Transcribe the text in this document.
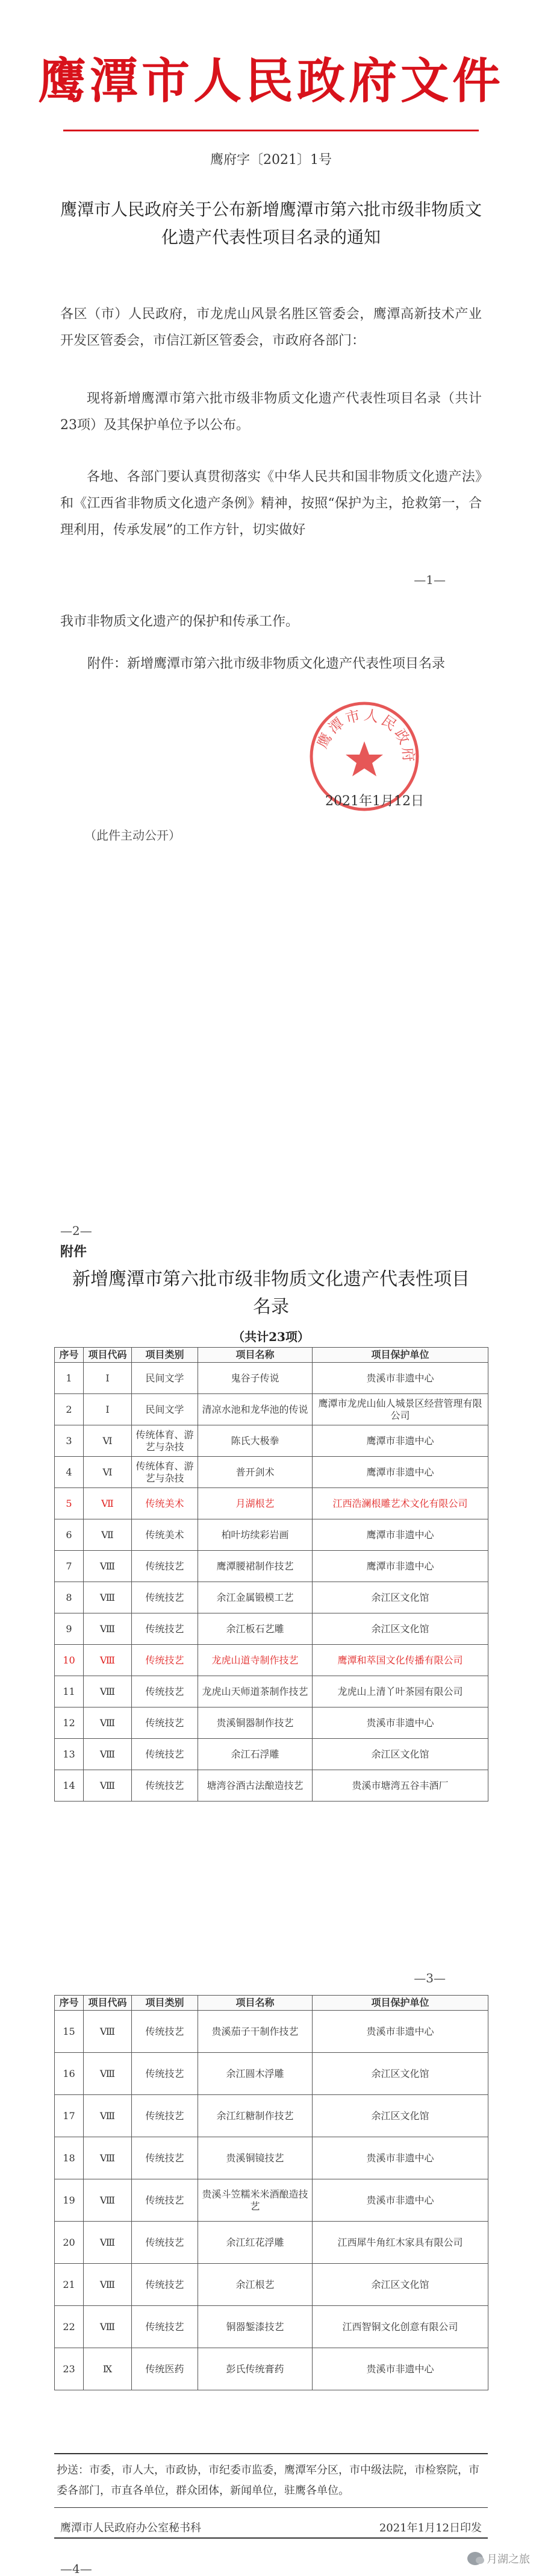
鹰潭市人民政府文件
鹰府字〔2021〕1号
鹰潭市人民政府关于公布新增鹰潭市第六批市级非物质文化遗产代表性项目名录的通知
各区（市）人民政府，市龙虎山风景名胜区管委会，鹰潭高新技术产业开发区管委会，市信江新区管委会，市政府各部门：
现将新增鹰潭市第六批市级非物质文化遗产代表性项目名录（共计23项）及其保护单位予以公布。
各地、各部门要认真贯彻落实《中华人民共和国非物质文化遗产法》和《江西省非物质文化遗产条例》精神，按照“保护为主，抢救第一，合理利用，传承发展”的工作方针，切实做好
—1—
我市非物质文化遗产的保护和传承工作。
附件：新增鹰潭市第六批市级非物质文化遗产代表性项目名录
鹰潭市人民政府
2021年1月12日
（此件主动公开）
—2—
附件
新增鹰潭市第六批市级非物质文化遗产代表性项目名录
（共计23项）
序号	项目代码	项目类别	项目名称	项目保护单位
1	Ⅰ	民间文学	鬼谷子传说	贵溪市非遗中心
2	Ⅰ	民间文学	清凉水池和龙华池的传说	鹰潭市龙虎山仙人城景区经营管理有限公司
3	Ⅵ	传统体育、游艺与杂技	陈氏大极拳	鹰潭市非遗中心
4	Ⅵ	传统体育、游艺与杂技	普开剑术	鹰潭市非遗中心
5	Ⅶ	传统美术	月湖根艺	江西浩澜根雕艺术文化有限公司
6	Ⅶ	传统美术	柏叶坊续彩岩画	鹰潭市非遗中心
7	Ⅷ	传统技艺	鹰潭腰裙制作技艺	鹰潭市非遗中心
8	Ⅷ	传统技艺	余江金属锻模工艺	余江区文化馆
9	Ⅷ	传统技艺	余江板石艺雕	余江区文化馆
10	Ⅷ	传统技艺	龙虎山道寺制作技艺	鹰潭和萃国文化传播有限公司
11	Ⅷ	传统技艺	龙虎山天师道茶制作技艺	龙虎山上清丫叶茶园有限公司
12	Ⅷ	传统技艺	贵溪铜器制作技艺	贵溪市非遗中心
13	Ⅷ	传统技艺	余江石浮雕	余江区文化馆
14	Ⅷ	传统技艺	塘湾谷酒古法酿造技艺	贵溪市塘湾五谷丰酒厂
—3—
序号	项目代码	项目类别	项目名称	项目保护单位
15	Ⅷ	传统技艺	贵溪茄子干制作技艺	贵溪市非遗中心
16	Ⅷ	传统技艺	余江圆木浮雕	余江区文化馆
17	Ⅷ	传统技艺	余江红糖制作技艺	余江区文化馆
18	Ⅷ	传统技艺	贵溪铜镜技艺	贵溪市非遗中心
19	Ⅷ	传统技艺	贵溪斗笠糯米米酒酿造技艺	贵溪市非遗中心
20	Ⅷ	传统技艺	余江红花浮雕	江西犀牛角红木家具有限公司
21	Ⅷ	传统技艺	余江根艺	余江区文化馆
22	Ⅷ	传统技艺	铜器錾漆技艺	江西智铜文化创意有限公司
23	Ⅸ	传统医药	彭氏传统膏药	贵溪市非遗中心
抄送：市委，市人大，市政协，市纪委市监委，鹰潭军分区，市中级法院，市检察院，市委各部门，市直各单位，群众团体，新闻单位，驻鹰各单位。
鹰潭市人民政府办公室秘书科	2021年1月12日印发
—4—
月湖之旅
